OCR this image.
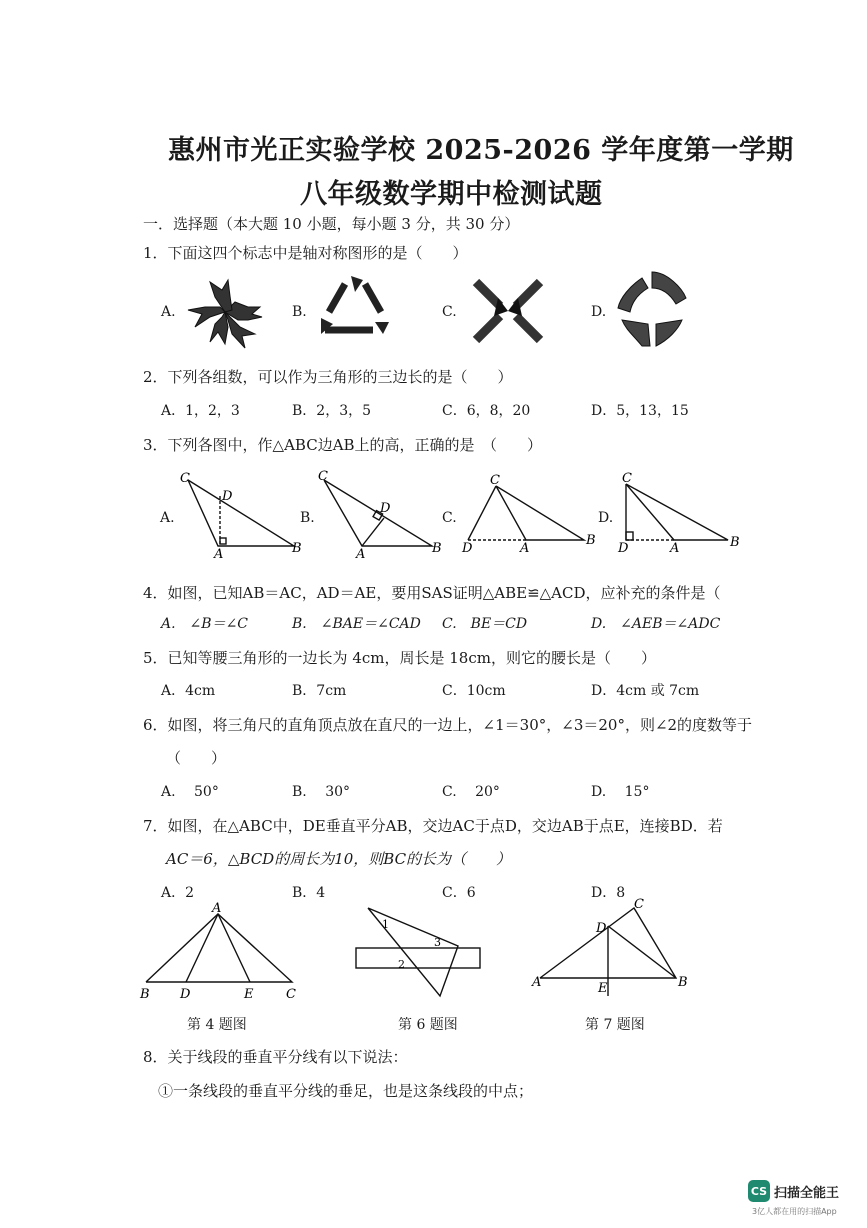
惠州市光正实验学校 2025-2026 学年度第一学期
八年级数学期中检测试题
一．选择题（本大题 10 小题，每小题 3 分，共 30 分）
1．下面这四个标志中是轴对称图形的是（　　）
A.	B.	C.	D.
2．下列各组数，可以作为三角形的三边长的是（　　）
A．1，2，3	B．2，3，5	C．6，8，20	D．5，13，15
3．下列各图中，作△ABC边AB上的高，正确的是　（　　）
A.	B.	C.	D.
C
D
A	B
C
D
A	B
C
D	A
B
C
D	A	B
4．如图，已知AB＝AC，AD＝AE，要用SAS证明△ABE≌△ACD，应补充的条件是（
A.　∠B＝∠C	B.　∠BAE＝∠CAD C.　BE＝CD	D.　∠AEB＝∠ADC
5．已知等腰三角形的一边长为 4cm，周长是 18cm，则它的腰长是（　　）
A．4cm	B．7cm	C．10cm	D．4cm 或 7cm
6．如图，将三角尺的直角顶点放在直尺的一边上，∠1＝30°，∠3＝20°，则∠2的度数等于
（　　）
A.　 50°	B.　 30°	C.　 20°	D.　 15°
7．如图，在△ABC中，DE垂直平分AB，交边AC于点D，交边AB于点E，连接BD．若
AC＝6，△BCD的周长为10，则BC的长为（　　）
A．2	B．4	C．6	D．8
A
B D	E	C
1
2
3
C
D
A	E	B
第 4 题图	第 6 题图	第 7 题图
8．关于线段的垂直平分线有以下说法：
①一条线段的垂直平分线的垂足，也是这条线段的中点；
CS 扫描全能王
3亿人都在用的扫描App
